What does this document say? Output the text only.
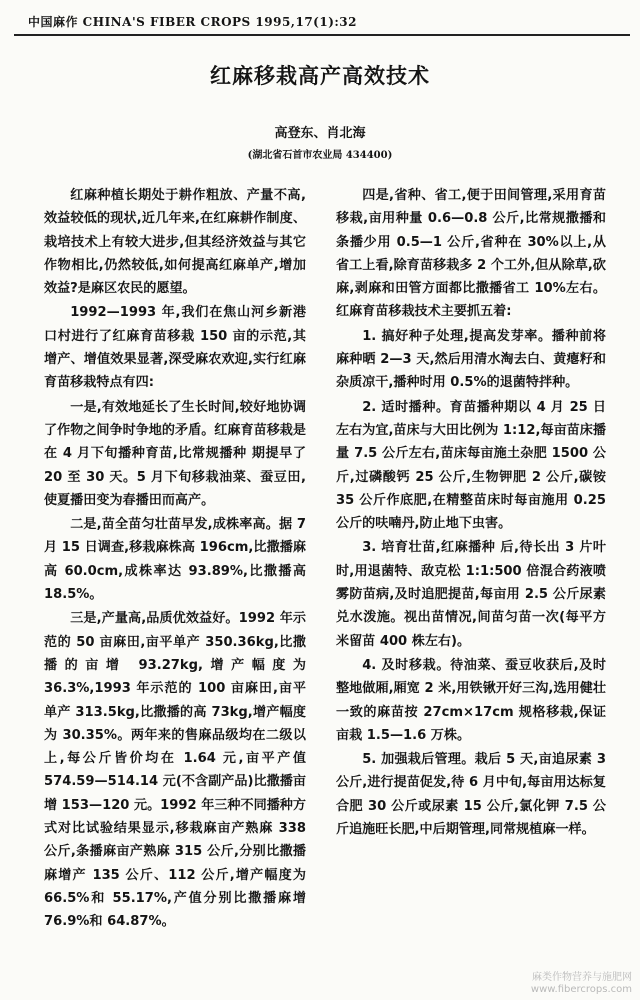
中国麻作 CHINA'S FIBER CROPS 1995,17(1):32
红麻移栽高产高效技术
高登东、肖北海
(湖北省石首市农业局 434400)

红麻种植长期处于耕作粗放、产量不高,效益较低的现状,近几年来,在红麻耕作制度、栽培技术上有较大进步,但其经济效益与其它作物相比,仍然较低,如何提高红麻单产,增加效益?是麻区农民的愿望。

1992—1993 年,我们在焦山河乡新港口村进行了红麻育苗移栽 150 亩的示范,其增产、增值效果显著,深受麻农欢迎,实行红麻育苗移栽特点有四:

一是,有效地延长了生长时间,较好地协调了作物之间争时争地的矛盾。红麻育苗移栽是在 4 月下旬播种育苗,比常规播种 期提早了 20 至 30 天。5 月下旬移栽油菜、蚕豆田,使夏播田变为春播田而高产。

二是,苗全苗匀壮苗早发,成株率高。据 7 月 15 日调查,移栽麻株高 196cm,比撒播麻高 60.0cm,成株率达 93.89%,比撒播高 18.5%。

三是,产量高,品质优效益好。1992 年示范的 50 亩麻田,亩平单产 350.36kg,比撒播的亩增 93.27kg,增产幅度为 36.3%,1993 年示范的 100 亩麻田,亩平单产 313.5kg,比撒播的高 73kg,增产幅度为 30.35%。两年来的售麻品级均在二级以上,每公斤皆价均在 1.64 元,亩平产值 574.59—514.14 元(不含副产品)比撒播亩增 153—120 元。1992 年三种不同播种方式对比试验结果显示,移栽麻亩产熟麻 338 公斤,条播麻亩产熟麻 315 公斤,分别比撒播麻增产 135 公斤、112 公斤,增产幅度为 66.5%和 55.17%,产值分别比撒播麻增 76.9%和 64.87%。

四是,省种、省工,便于田间管理,采用育苗移栽,亩用种量 0.6—0.8 公斤,比常规撒播和条播少用 0.5—1 公斤,省种在 30%以上,从省工上看,除育苗移栽多 2 个工外,但从除草,砍麻,剥麻和田管方面都比撒播省工 10%左右。红麻育苗移栽技术主要抓五着:

1. 搞好种子处理,提高发芽率。播种前将麻种晒 2—3 天,然后用清水淘去白、黄瘪籽和杂质凉干,播种时用 0.5%的退菌特拌种。

2. 适时播种。育苗播种期以 4 月 25 日左右为宜,苗床与大田比例为 1:12,每亩苗床播量 7.5 公斤左右,苗床每亩施土杂肥 1500 公斤,过磷酸钙 25 公斤,生物钾肥 2 公斤,碳铵 35 公斤作底肥,在精整苗床时每亩施用 0.25 公斤的呋喃丹,防止地下虫害。

3. 培育壮苗,红麻播种 后,待长出 3 片叶时,用退菌特、敌克松 1:1:500 倍混合药液喷雾防苗病,及时追肥提苗,每亩用 2.5 公斤尿素兑水泼施。视出苗情况,间苗匀苗一次(每平方米留苗 400 株左右)。

4. 及时移栽。待油菜、蚕豆收获后,及时整地做厢,厢宽 2 米,用铁锹开好三沟,选用健壮一致的麻苗按 27cm×17cm 规格移栽,保证亩栽 1.5—1.6 万株。

5. 加强栽后管理。栽后 5 天,亩追尿素 3 公斤,进行提苗促发,待 6 月中旬,每亩用达标复合肥 30 公斤或尿素 15 公斤,氯化钾 7.5 公斤追施旺长肥,中后期管理,同常规植麻一样。

麻类作物营养与施肥网
www.fibercrops.com
